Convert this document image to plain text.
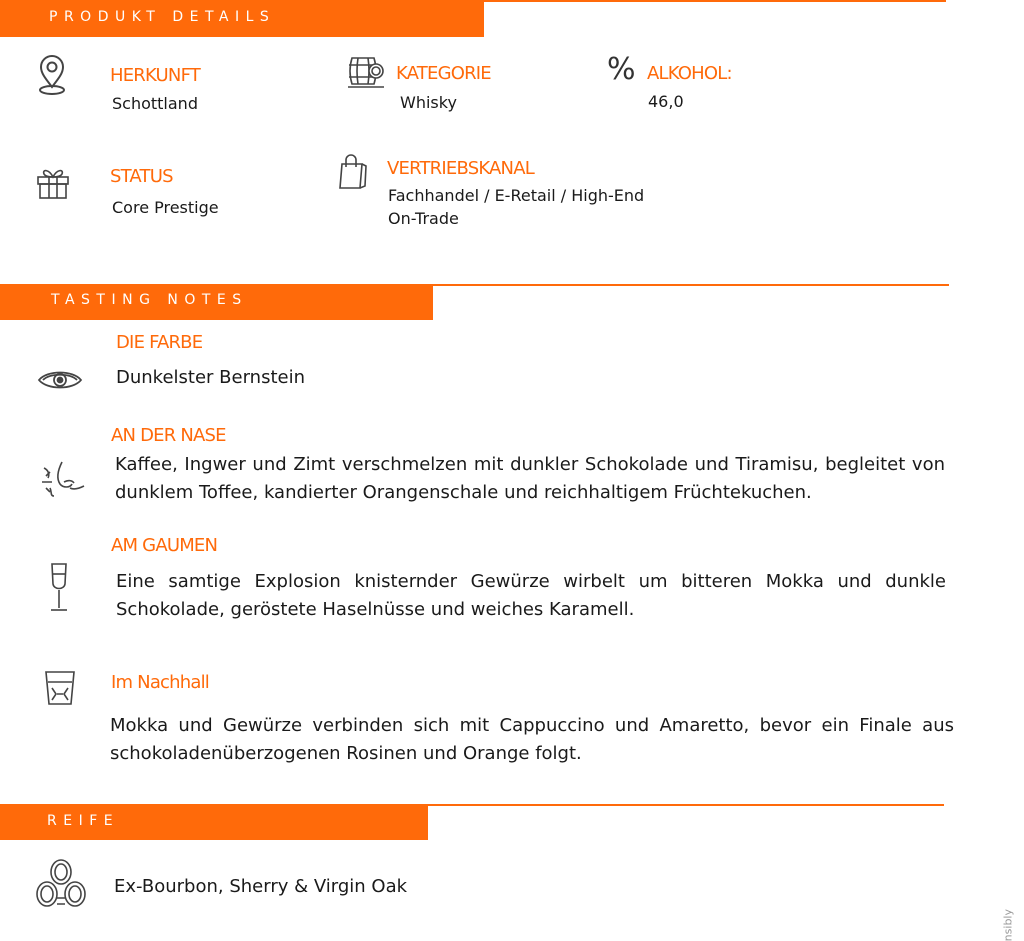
PRODUKT DETAILS
HERKUNFT
Schottland
KATEGORIE
Whisky
% ALKOHOL:
46,0
STATUS
Core Prestige
VERTRIEBSKANAL
Fachhandel / E-Retail / High-End
On-Trade
TASTING NOTES
DIE FARBE
Dunkelster Bernstein
AN DER NASE
Kaffee, Ingwer und Zimt verschmelzen mit dunkler Schokolade und Tiramisu, begleitet von dunklem Toffee, kandierter Orangenschale und reichhaltigem Früchtekuchen.
AM GAUMEN
Eine samtige Explosion knisternder Gewürze wirbelt um bitteren Mokka und dunkle Schokolade, geröstete Haselnüsse und weiches Karamell.
Im Nachhall
Mokka und Gewürze verbinden sich mit Cappuccino und Amaretto, bevor ein Finale aus schokoladenüberzogenen Rosinen und Orange folgt.
REIFE
Ex-Bourbon, Sherry & Virgin Oak
nsibly
